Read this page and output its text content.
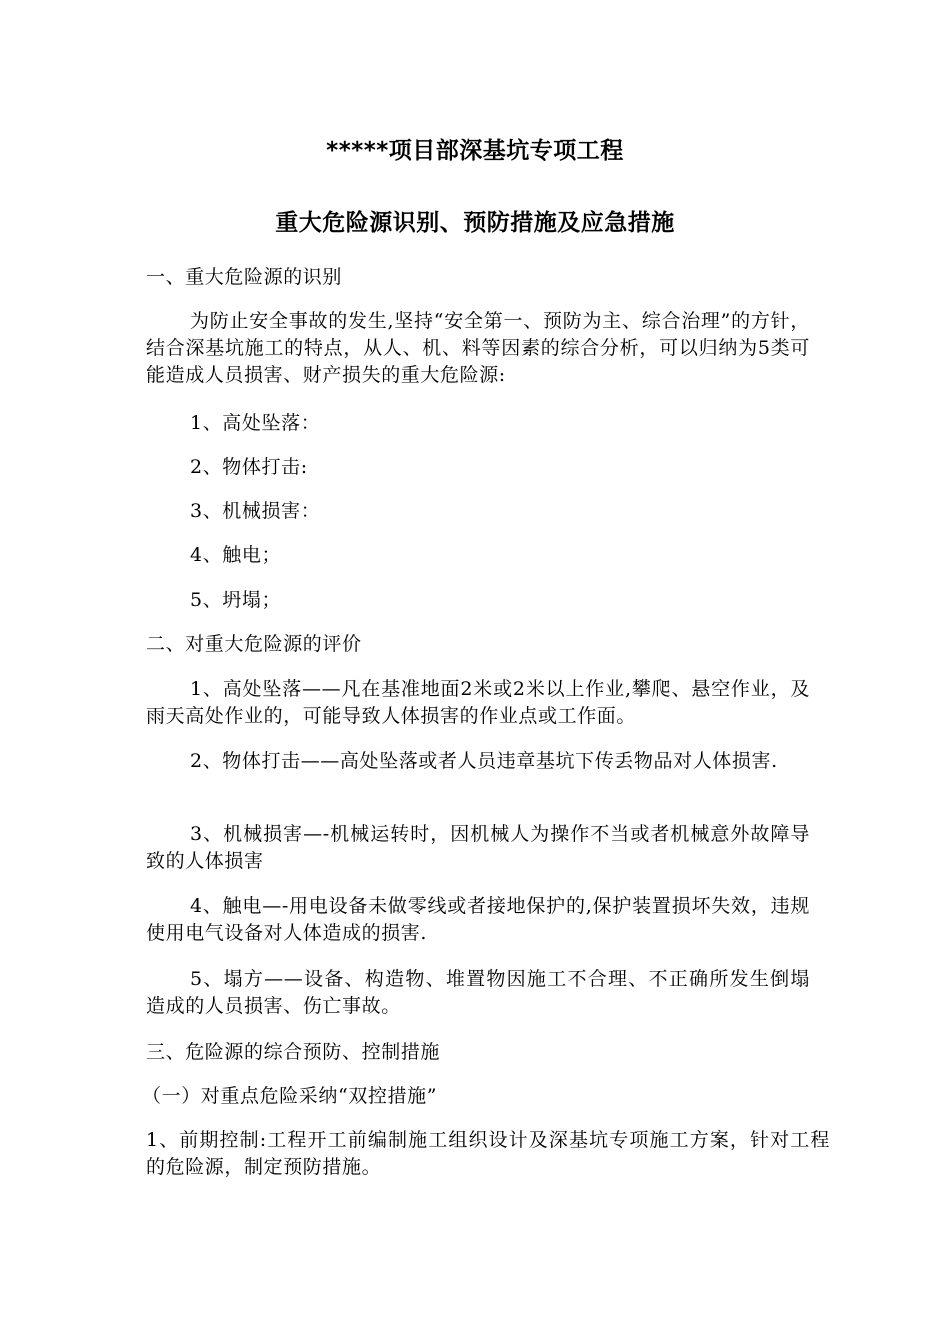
*****项目部深基坑专项工程
重大危险源识别、预防措施及应急措施
一、重大危险源的识别
为防止安全事故的发生,坚持“安全第一、预防为主、综合治理”的方针，结合深基坑施工的特点，从人、机、料等因素的综合分析，可以归纳为5类可能造成人员损害、财产损失的重大危险源:
1、高处坠落：
2、物体打击:
3、机械损害：
4、触电；
5、坍塌；
二、对重大危险源的评价
1、高处坠落——凡在基准地面2米或2米以上作业,攀爬、悬空作业，及雨天高处作业的，可能导致人体损害的作业点或工作面。
2、物体打击——高处坠落或者人员违章基坑下传丢物品对人体损害.
3、机械损害—-机械运转时，因机械人为操作不当或者机械意外故障导致的人体损害
4、触电—-用电设备未做零线或者接地保护的,保护装置损坏失效，违规使用电气设备对人体造成的损害.
5、塌方——设备、构造物、堆置物因施工不合理、不正确所发生倒塌造成的人员损害、伤亡事故。
三、危险源的综合预防、控制措施
（一）对重点危险采纳“双控措施”
1、前期控制:工程开工前编制施工组织设计及深基坑专项施工方案，针对工程的危险源，制定预防措施。
